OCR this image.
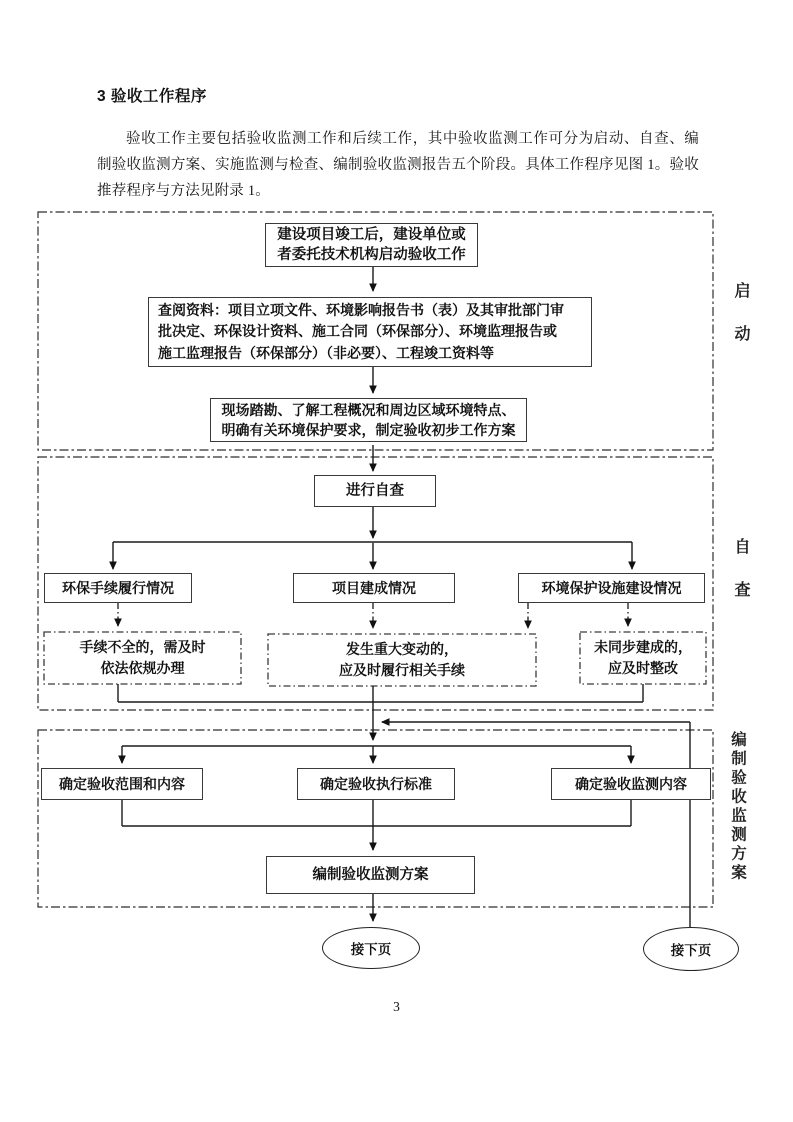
3 验收工作程序
验收工作主要包括验收监测工作和后续工作，其中验收监测工作可分为启动、自查、编制验收监测方案、实施监测与检查、编制验收监测报告五个阶段。具体工作程序见图 1。验收推荐程序与方法见附录 1。
启动
自查
编制验收监测方案
建设项目竣工后，建设单位或
者委托技术机构启动验收工作
查阅资料：项目立项文件、环境影响报告书（表）及其审批部门审
批决定、环保设计资料、施工合同（环保部分）、环境监理报告或
施工监理报告（环保部分）（非必要）、工程竣工资料等
现场踏勘、了解工程概况和周边区域环境特点、
明确有关环境保护要求，制定验收初步工作方案
进行自查
环保手续履行情况	项目建成情况	环境保护设施建设情况
手续不全的，需及时
依法依规办理
发生重大变动的，
应及时履行相关手续
未同步建成的，
应及时整改
确定验收范围和内容	确定验收执行标准	确定验收监测内容
编制验收监测方案
接下页	接下页
3
